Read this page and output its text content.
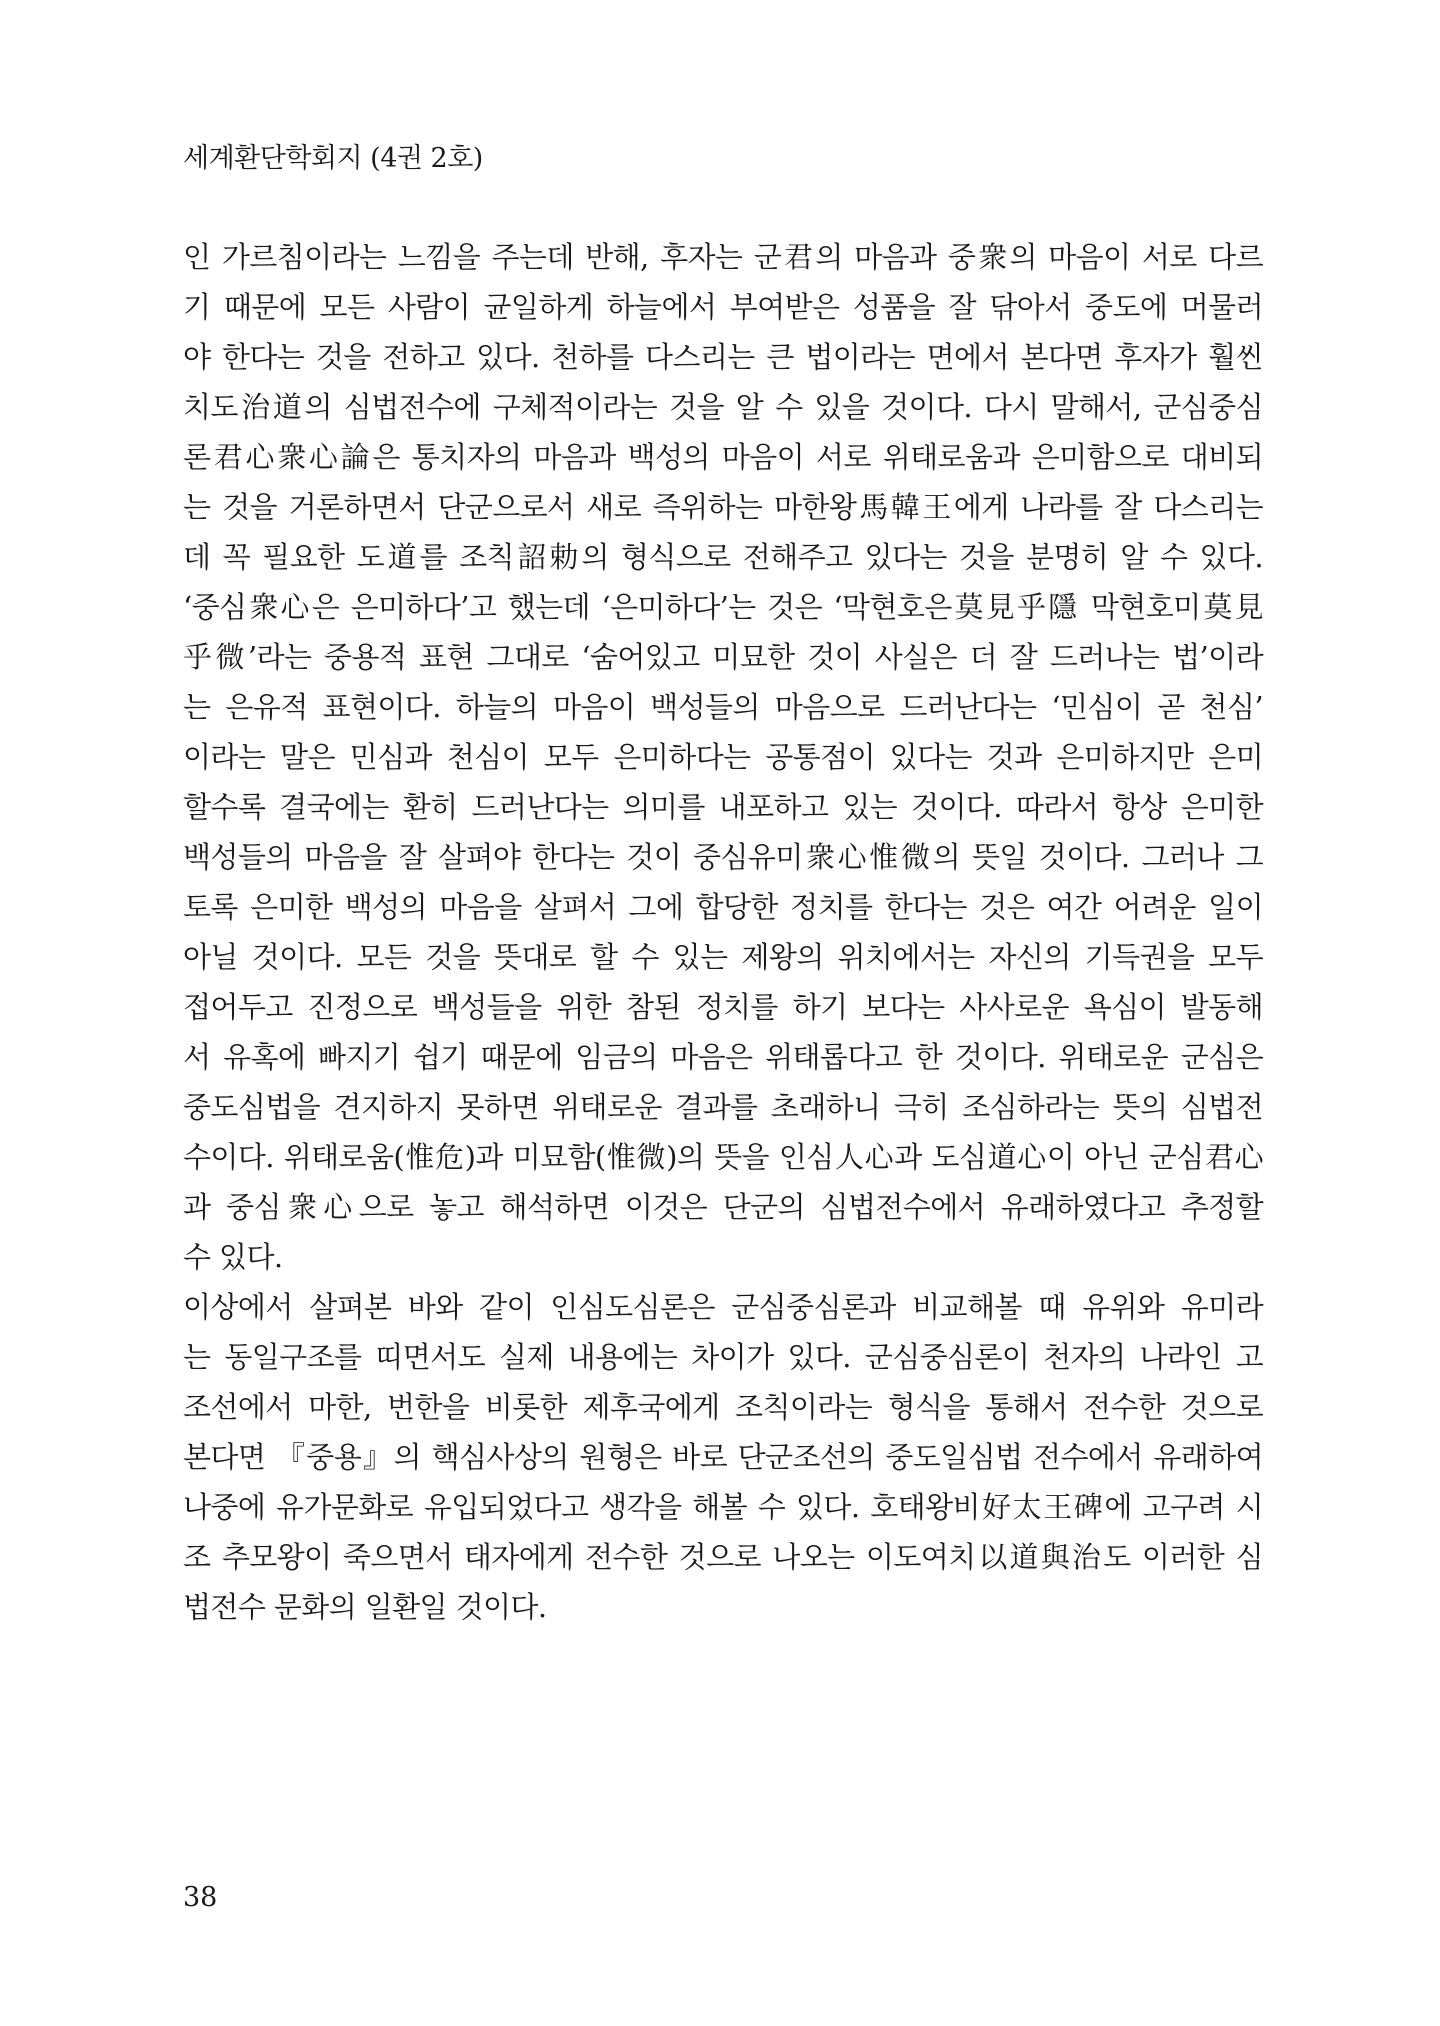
세계환단학회지 (4권 2호)
인 가르침이라는 느낌을 주는데 반해, 후자는 군君의 마음과 중衆의 마음이 서로 다르
기 때문에 모든 사람이 균일하게 하늘에서 부여받은 성품을 잘 닦아서 중도에 머물러
야 한다는 것을 전하고 있다. 천하를 다스리는 큰 법이라는 면에서 본다면 후자가 훨씬
치도治道의 심법전수에 구체적이라는 것을 알 수 있을 것이다. 다시 말해서, 군심중심
론君心衆心論은 통치자의 마음과 백성의 마음이 서로 위태로움과 은미함으로 대비되
는 것을 거론하면서 단군으로서 새로 즉위하는 마한왕馬韓王에게 나라를 잘 다스리는
데 꼭 필요한 도道를 조칙詔勅의 형식으로 전해주고 있다는 것을 분명히 알 수 있다.
‘중심衆心은 은미하다’고 했는데 ‘은미하다’는 것은 ‘막현호은莫見乎隱 막현호미莫見
乎微’라는 중용적 표현 그대로 ‘숨어있고 미묘한 것이 사실은 더 잘 드러나는 법’이라
는 은유적 표현이다. 하늘의 마음이 백성들의 마음으로 드러난다는 ‘민심이 곧 천심’
이라는 말은 민심과 천심이 모두 은미하다는 공통점이 있다는 것과 은미하지만 은미
할수록 결국에는 환히 드러난다는 의미를 내포하고 있는 것이다. 따라서 항상 은미한
백성들의 마음을 잘 살펴야 한다는 것이 중심유미衆心惟微의 뜻일 것이다. 그러나 그
토록 은미한 백성의 마음을 살펴서 그에 합당한 정치를 한다는 것은 여간 어려운 일이
아닐 것이다. 모든 것을 뜻대로 할 수 있는 제왕의 위치에서는 자신의 기득권을 모두
접어두고 진정으로 백성들을 위한 참된 정치를 하기 보다는 사사로운 욕심이 발동해
서 유혹에 빠지기 쉽기 때문에 임금의 마음은 위태롭다고 한 것이다. 위태로운 군심은
중도심법을 견지하지 못하면 위태로운 결과를 초래하니 극히 조심하라는 뜻의 심법전
수이다. 위태로움(惟危)과 미묘함(惟微)의 뜻을 인심人心과 도심道心이 아닌 군심君心
과 중심衆心으로 놓고 해석하면 이것은 단군의 심법전수에서 유래하였다고 추정할
수 있다.
이상에서 살펴본 바와 같이 인심도심론은 군심중심론과 비교해볼 때 유위와 유미라
는 동일구조를 띠면서도 실제 내용에는 차이가 있다. 군심중심론이 천자의 나라인 고
조선에서 마한, 번한을 비롯한 제후국에게 조칙이라는 형식을 통해서 전수한 것으로
본다면 『중용』의 핵심사상의 원형은 바로 단군조선의 중도일심법 전수에서 유래하여
나중에 유가문화로 유입되었다고 생각을 해볼 수 있다. 호태왕비好太王碑에 고구려 시
조 추모왕이 죽으면서 태자에게 전수한 것으로 나오는 이도여치以道與治도 이러한 심
법전수 문화의 일환일 것이다.
38
